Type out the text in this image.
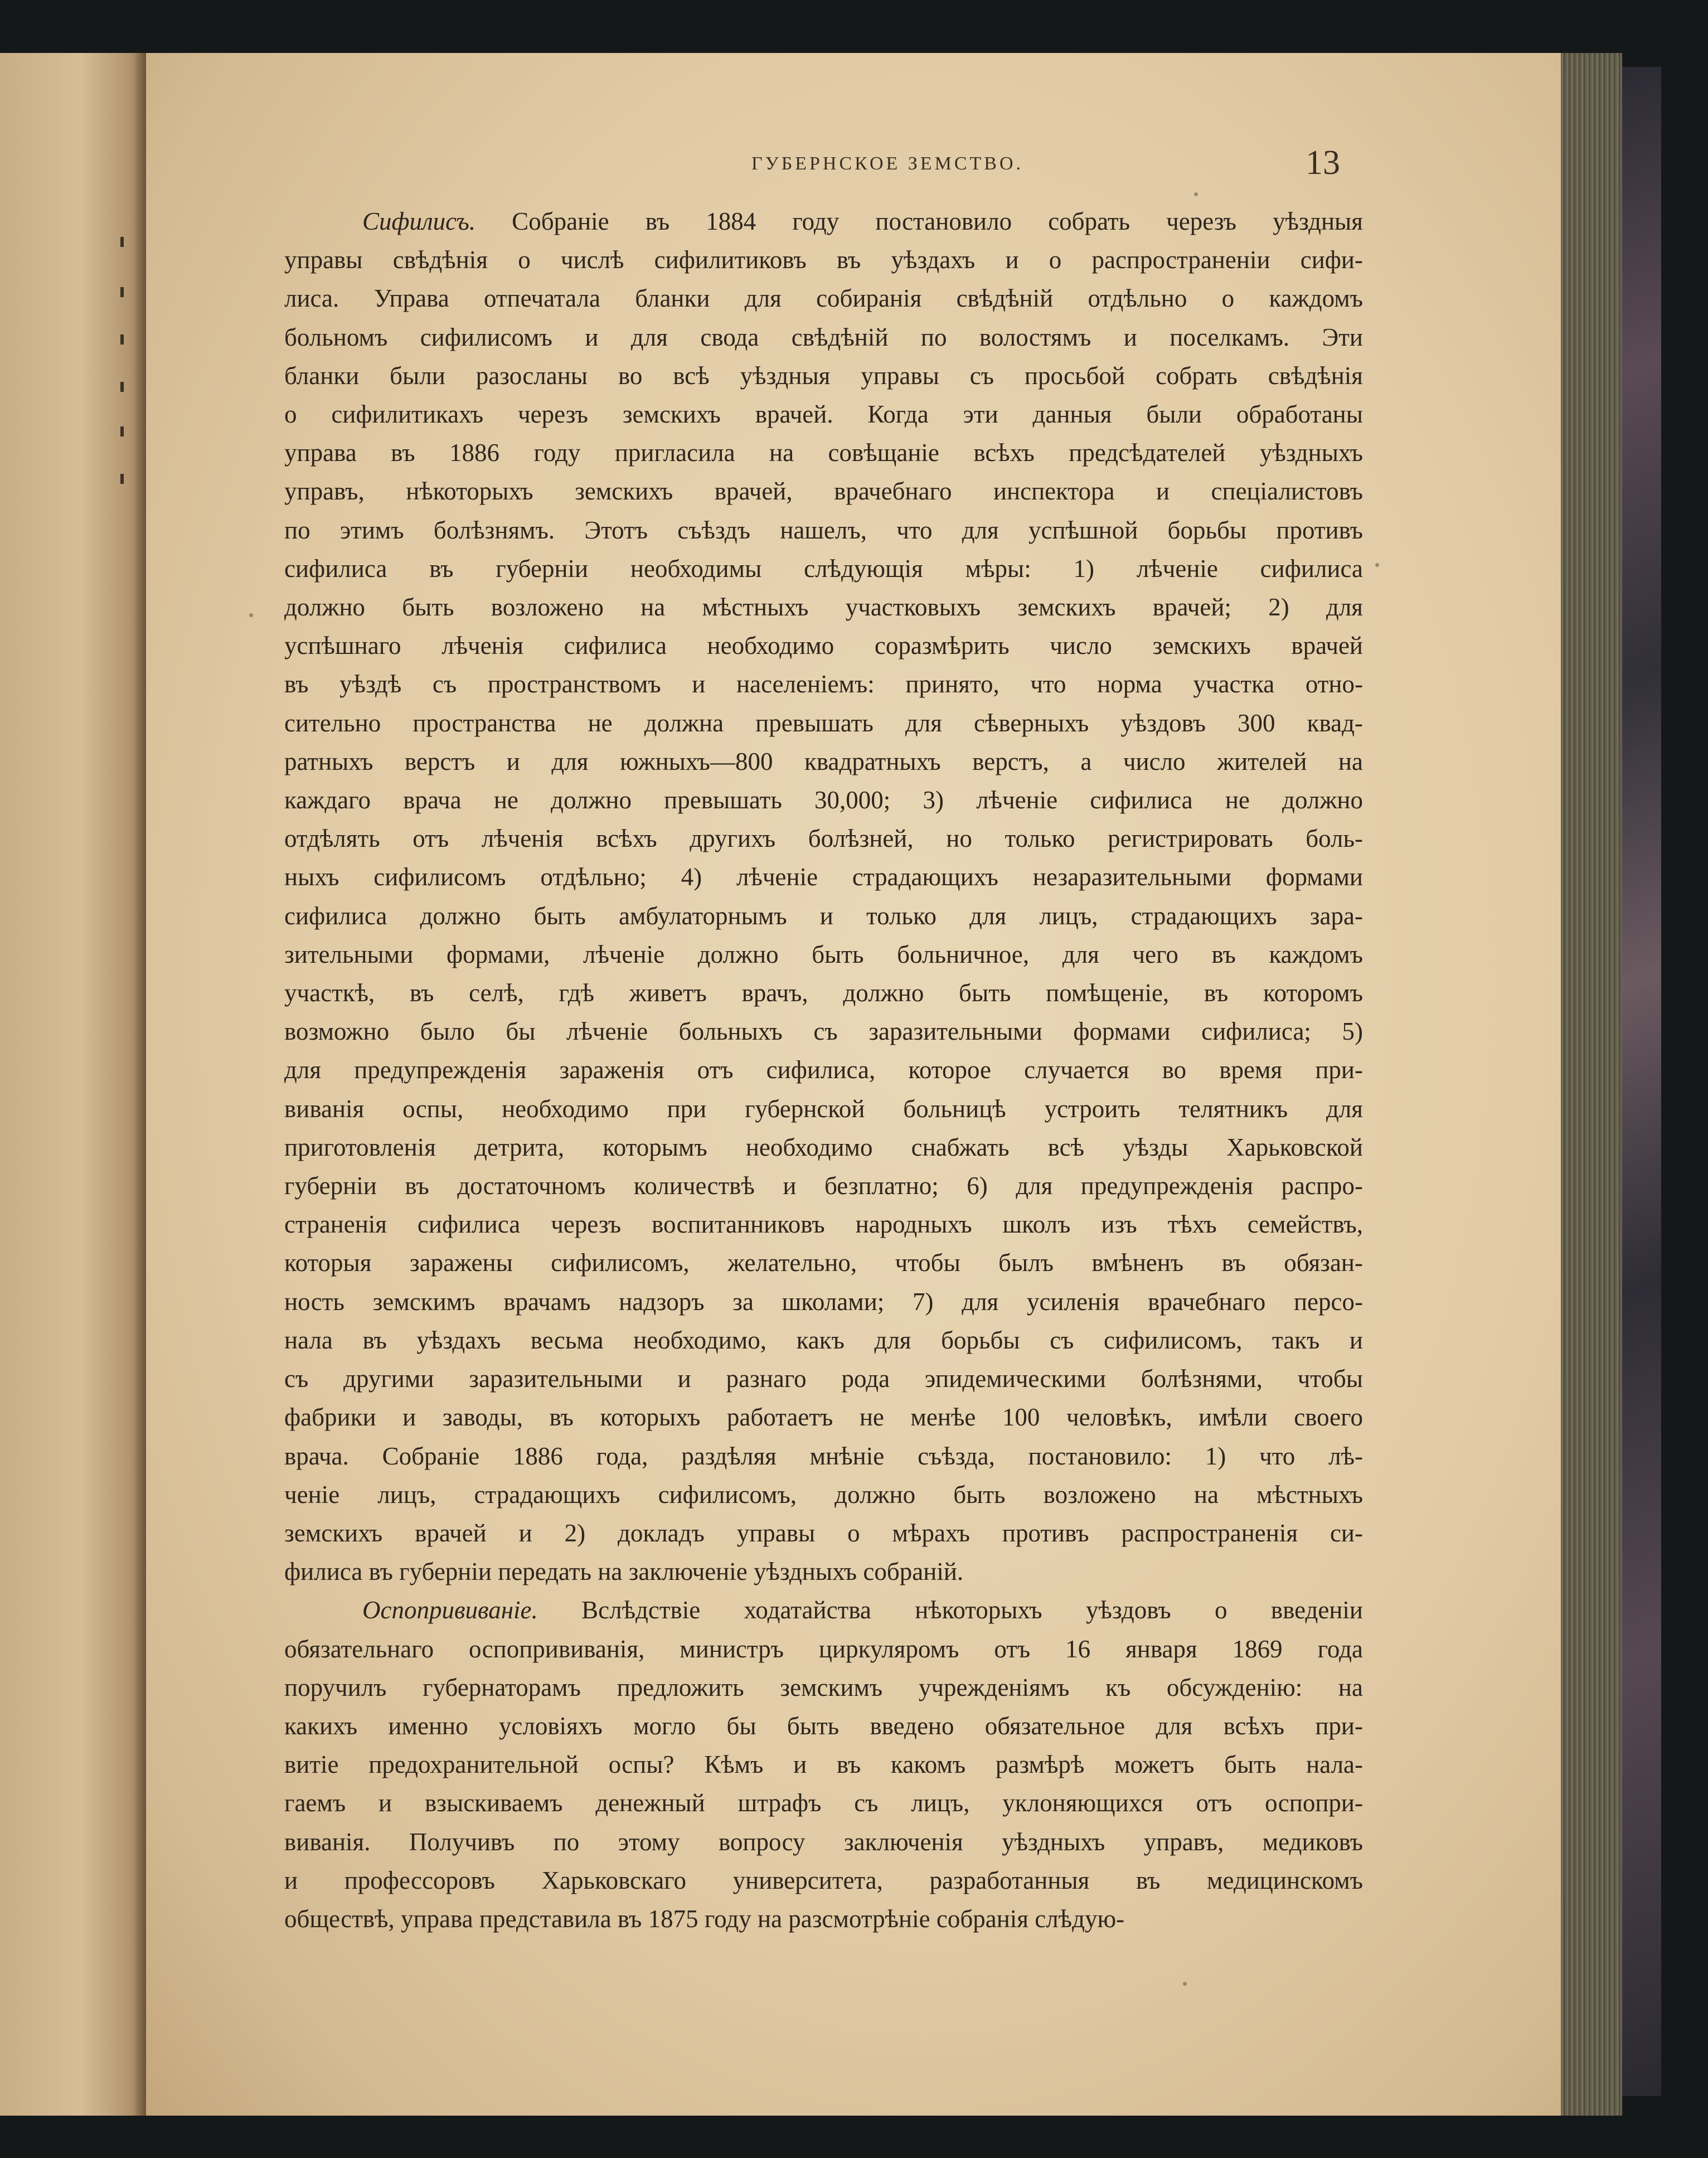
ГУБЕРНСКОЕ ЗЕМСТВО.	13
Сифилисъ. Собраніе въ 1884 году постановило собрать черезъ уѣздныя
управы свѣдѣнія о числѣ сифилитиковъ въ уѣздахъ и о распространеніи сифи-
лиса. Управа отпечатала бланки для собиранія свѣдѣній отдѣльно о каждомъ
больномъ сифилисомъ и для свода свѣдѣній по волостямъ и поселкамъ. Эти
бланки были разосланы во всѣ уѣздныя управы съ просьбой собрать свѣдѣнія
о сифилитикахъ черезъ земскихъ врачей. Когда эти данныя были обработаны
управа въ 1886 году пригласила на совѣщаніе всѣхъ предсѣдателей уѣздныхъ
управъ, нѣкоторыхъ земскихъ врачей, врачебнаго инспектора и спеціалистовъ
по этимъ болѣзнямъ. Этотъ съѣздъ нашелъ, что для успѣшной борьбы противъ
сифилиса въ губерніи необходимы слѣдующія мѣры: 1) лѣченіе сифилиса
должно быть возложено на мѣстныхъ участковыхъ земскихъ врачей; 2) для
успѣшнаго лѣченія сифилиса необходимо соразмѣрить число земскихъ врачей
въ уѣздѣ съ пространствомъ и населеніемъ: принято, что норма участка отно-
сительно пространства не должна превышать для сѣверныхъ уѣздовъ 300 квад-
ратныхъ верстъ и для южныхъ—800 квадратныхъ верстъ, а число жителей на
каждаго врача не должно превышать 30,000; 3) лѣченіе сифилиса не должно
отдѣлять отъ лѣченія всѣхъ другихъ болѣзней, но только регистрировать боль-
ныхъ сифилисомъ отдѣльно; 4) лѣченіе страдающихъ незаразительными формами
сифилиса должно быть амбулаторнымъ и только для лицъ, страдающихъ зара-
зительными формами, лѣченіе должно быть больничное, для чего въ каждомъ
участкѣ, въ селѣ, гдѣ живетъ врачъ, должно быть помѣщеніе, въ которомъ
возможно было бы лѣченіе больныхъ съ заразительными формами сифилиса; 5)
для предупрежденія зараженія отъ сифилиса, которое случается во время при-
виванія оспы, необходимо при губернской больницѣ устроить телятникъ для
приготовленія детрита, которымъ необходимо снабжать всѣ уѣзды Харьковской
губерніи въ достаточномъ количествѣ и безплатно; 6) для предупрежденія распро-
страненія сифилиса черезъ воспитанниковъ народныхъ школъ изъ тѣхъ семействъ,
которыя заражены сифилисомъ, желательно, чтобы былъ вмѣненъ въ обязан-
ность земскимъ врачамъ надзоръ за школами; 7) для усиленія врачебнаго персо-
нала въ уѣздахъ весьма необходимо, какъ для борьбы съ сифилисомъ, такъ и
съ другими заразительными и разнаго рода эпидемическими болѣзнями, чтобы
фабрики и заводы, въ которыхъ работаетъ не менѣе 100 человѣкъ, имѣли своего
врача. Собраніе 1886 года, раздѣляя мнѣніе съѣзда, постановило: 1) что лѣ-
ченіе лицъ, страдающихъ сифилисомъ, должно быть возложено на мѣстныхъ
земскихъ врачей и 2) докладъ управы о мѣрахъ противъ распространенія си-
филиса въ губерніи передать на заключеніе уѣздныхъ собраній.
Оспопрививаніе. Вслѣдствіе ходатайства нѣкоторыхъ уѣздовъ о введеніи
обязательнаго оспопрививанія, министръ циркуляромъ отъ 16 января 1869 года
поручилъ губернаторамъ предложить земскимъ учрежденіямъ къ обсужденію: на
какихъ именно условіяхъ могло бы быть введено обязательное для всѣхъ при-
витіе предохранительной оспы? Кѣмъ и въ какомъ размѣрѣ можетъ быть нала-
гаемъ и взыскиваемъ денежный штрафъ съ лицъ, уклоняющихся отъ оспопри-
виванія. Получивъ по этому вопросу заключенія уѣздныхъ управъ, медиковъ
и профессоровъ Харьковскаго университета, разработанныя въ медицинскомъ
обществѣ, управа представила въ 1875 году на разсмотрѣніе собранія слѣдую-
